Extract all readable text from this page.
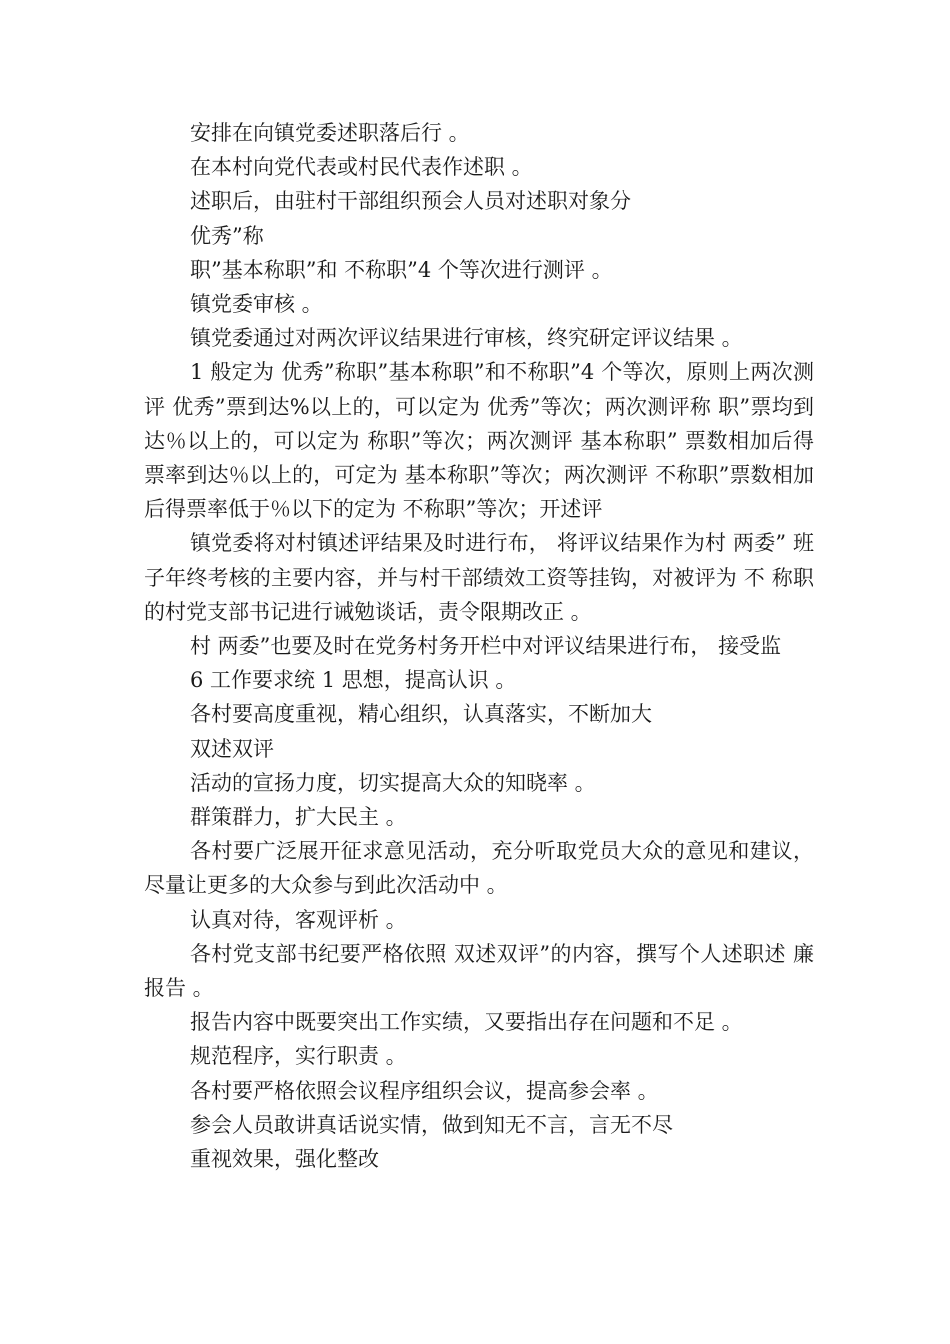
安排在向镇党委述职落后行 。

在本村向党代表或村民代表作述职 。

述职后，由驻村干部组织预会人员对述职对象分

优秀”称

职”基本称职”和 不称职”4 个等次进行测评 。

镇党委审核 。

镇党委通过对两次评议结果进行审核，终究研定评议结果 。

1 般定为 优秀”称职”基本称职”和不称职”4 个等次，原则上两次测评 优秀”票到达%以上的，可以定为 优秀”等次；两次测评称 职”票均到达％以上的，可以定为 称职”等次；两次测评 基本称职” 票数相加后得票率到达％以上的，可定为 基本称职”等次；两次测评 不称职”票数相加后得票率低于％以下的定为 不称职”等次；开述评

镇党委将对村镇述评结果及时进行布， 将评议结果作为村 两委” 班子年终考核的主要内容，并与村干部绩效工资等挂钩，对被评为 不 称职 的村党支部书记进行诫勉谈话，责令限期改正 。

村 两委”也要及时在党务村务开栏中对评议结果进行布， 接受监

6 工作要求统 1 思想，提高认识 。

各村要高度重视，精心组织，认真落实，不断加大

双述双评

活动的宣扬力度，切实提高大众的知晓率 。

群策群力，扩大民主 。

各村要广泛展开征求意见活动，充分听取党员大众的意见和建议，尽量让更多的大众参与到此次活动中 。

认真对待，客观评析 。

各村党支部书纪要严格依照 双述双评”的内容，撰写个人述职述 廉报告 。

报告内容中既要突出工作实绩，又要指出存在问题和不足 。

规范程序，实行职责 。

各村要严格依照会议程序组织会议，提高参会率 。

参会人员敢讲真话说实情，做到知无不言，言无不尽

重视效果，强化整改
